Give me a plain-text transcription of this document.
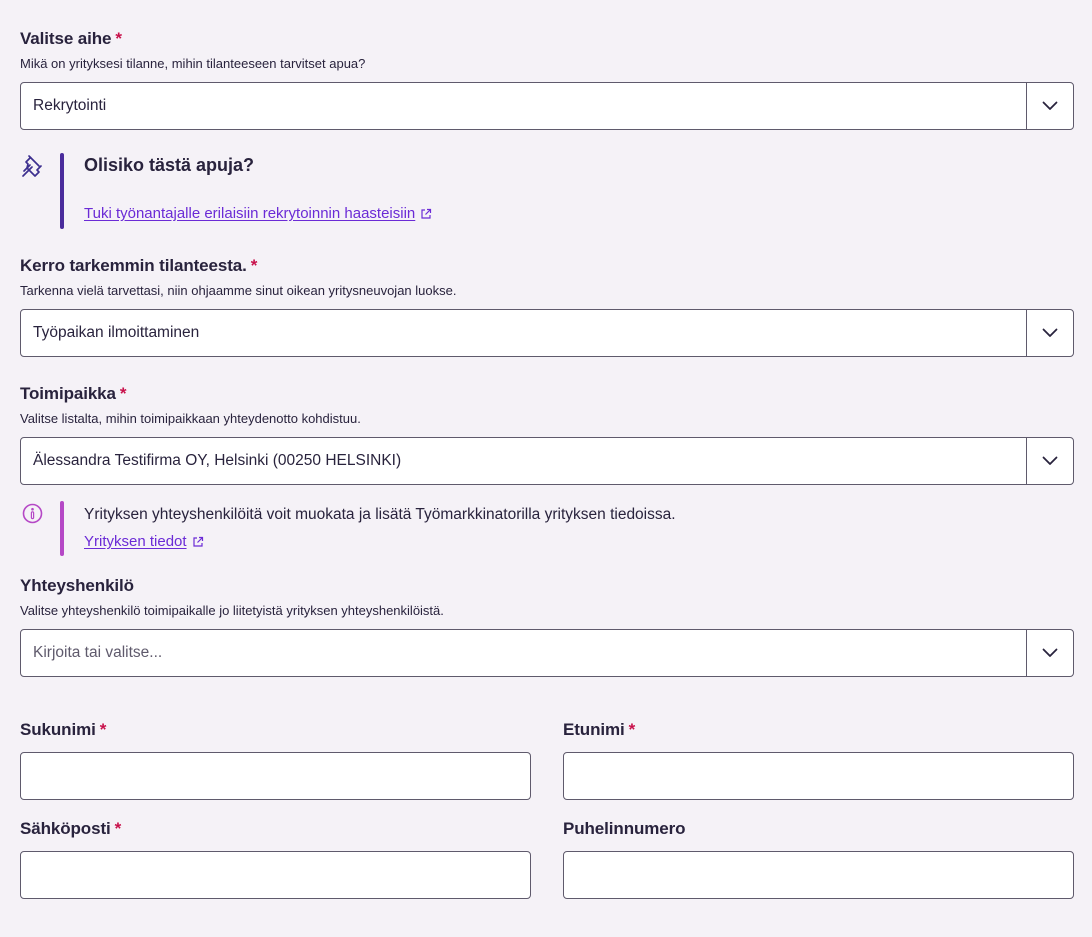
Valitse aihe *
Mikä on yrityksesi tilanne, mihin tilanteeseen tarvitset apua?
Rekrytointi
Olisiko tästä apuja?
Tuki työnantajalle erilaisiin rekrytoinnin haasteisiin
Kerro tarkemmin tilanteesta. *
Tarkenna vielä tarvettasi, niin ohjaamme sinut oikean yritysneuvojan luokse.
Työpaikan ilmoittaminen
Toimipaikka *
Valitse listalta, mihin toimipaikkaan yhteydenotto kohdistuu.
Älessandra Testifirma OY, Helsinki (00250 HELSINKI)
Yrityksen yhteyshenkilöitä voit muokata ja lisätä Työmarkkinatorilla yrityksen tiedoissa.
Yrityksen tiedot
Yhteyshenkilö
Valitse yhteyshenkilö toimipaikalle jo liitetyistä yrityksen yhteyshenkilöistä.
Kirjoita tai valitse...
Sukunimi *	Etunimi *
Sähköposti *	Puhelinnumero
